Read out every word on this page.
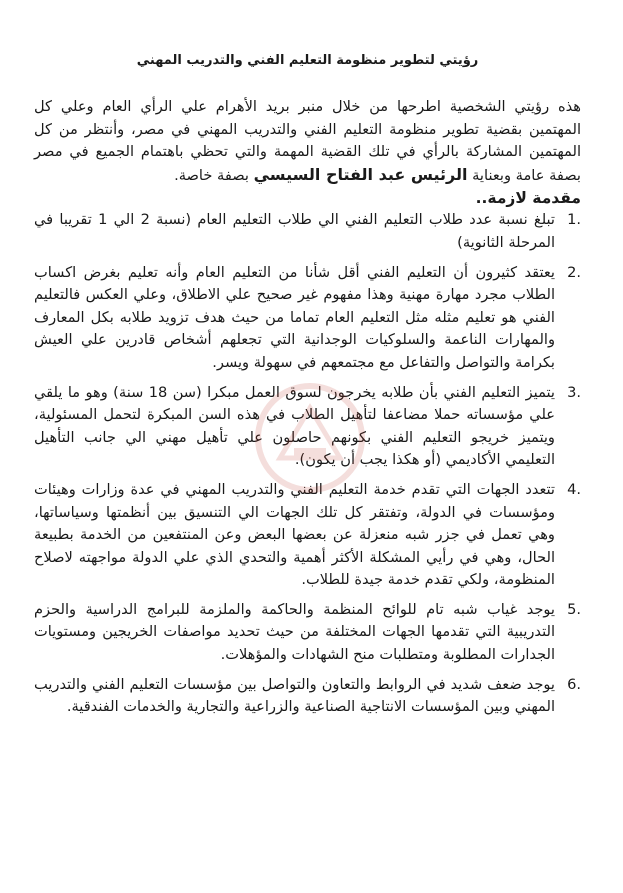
رؤيتي لتطوير منظومة التعليم الفني والتدريب المهني

هذه رؤيتي الشخصية اطرحها من خلال منبر بريد الأهرام علي الرأي العام وعلي كل المهتمين بقضية تطوير منظومة التعليم الفني والتدريب المهني في مصر، وأنتظر من كل المهتمين المشاركة بالرأي في تلك القضية المهمة والتي تحظي باهتمام الجميع في مصر بصفة عامة وبعناية الرئيس عبد الفتاح السيسي بصفة خاصة.

مقدمة لازمة..
1 .
تبلغ نسبة عدد طلاب التعليم الفني الي طلاب التعليم العام (نسبة 2 الي 1 تقريبا في المرحلة الثانوية)
2 .
يعتقد كثيرون أن التعليم الفني أقل شأنا من التعليم العام وأنه تعليم بغرض اكساب الطلاب مجرد مهارة مهنية وهذا مفهوم غير صحيح علي الاطلاق، وعلي العكس فالتعليم الفني هو تعليم مثله مثل التعليم العام تماما من حيث هدف تزويد طلابه بكل المعارف والمهارات الناعمة والسلوكيات الوجدانية التي تجعلهم أشخاص قادرين علي العيش بكرامة والتواصل والتفاعل مع مجتمعهم في سهولة ويسر.
3 .
يتميز التعليم الفني بأن طلابه يخرجون لسوق العمل مبكرا (سن 18 سنة) وهو ما يلقي علي مؤسساته حملا مضاعفا لتأهيل الطلاب في هذه السن المبكرة لتحمل المسئولية، ويتميز خريجو التعليم الفني بكونهم حاصلون علي تأهيل مهني الي جانب التأهيل التعليمي الأكاديمي (أو هكذا يجب أن يكون).
4 .
تتعدد الجهات التي تقدم خدمة التعليم الفني والتدريب المهني في عدة وزارات وهيئات ومؤسسات في الدولة، وتفتقر كل تلك الجهات الي التنسيق بين أنظمتها وسياساتها، وهي تعمل في جزر شبه منعزلة عن بعضها البعض وعن المنتفعين من الخدمة بطبيعة الحال، وهي في رأيي المشكلة الأكثر أهمية والتحدي الذي علي الدولة مواجهته لاصلاح المنظومة، ولكي تقدم خدمة جيدة للطلاب.
5 .
يوجد غياب شبه تام للوائح المنظمة والحاكمة والملزمة للبرامج الدراسية والحزم التدريبية التي تقدمها الجهات المختلفة من حيث تحديد مواصفات الخريجين ومستويات الجدارات المطلوبة ومتطلبات منح الشهادات والمؤهلات.
6 .
يوجد ضعف شديد في الروابط والتعاون والتواصل بين مؤسسات التعليم الفني والتدريب المهني وبين المؤسسات الانتاجية الصناعية والزراعية والتجارية والخدمات الفندقية.
